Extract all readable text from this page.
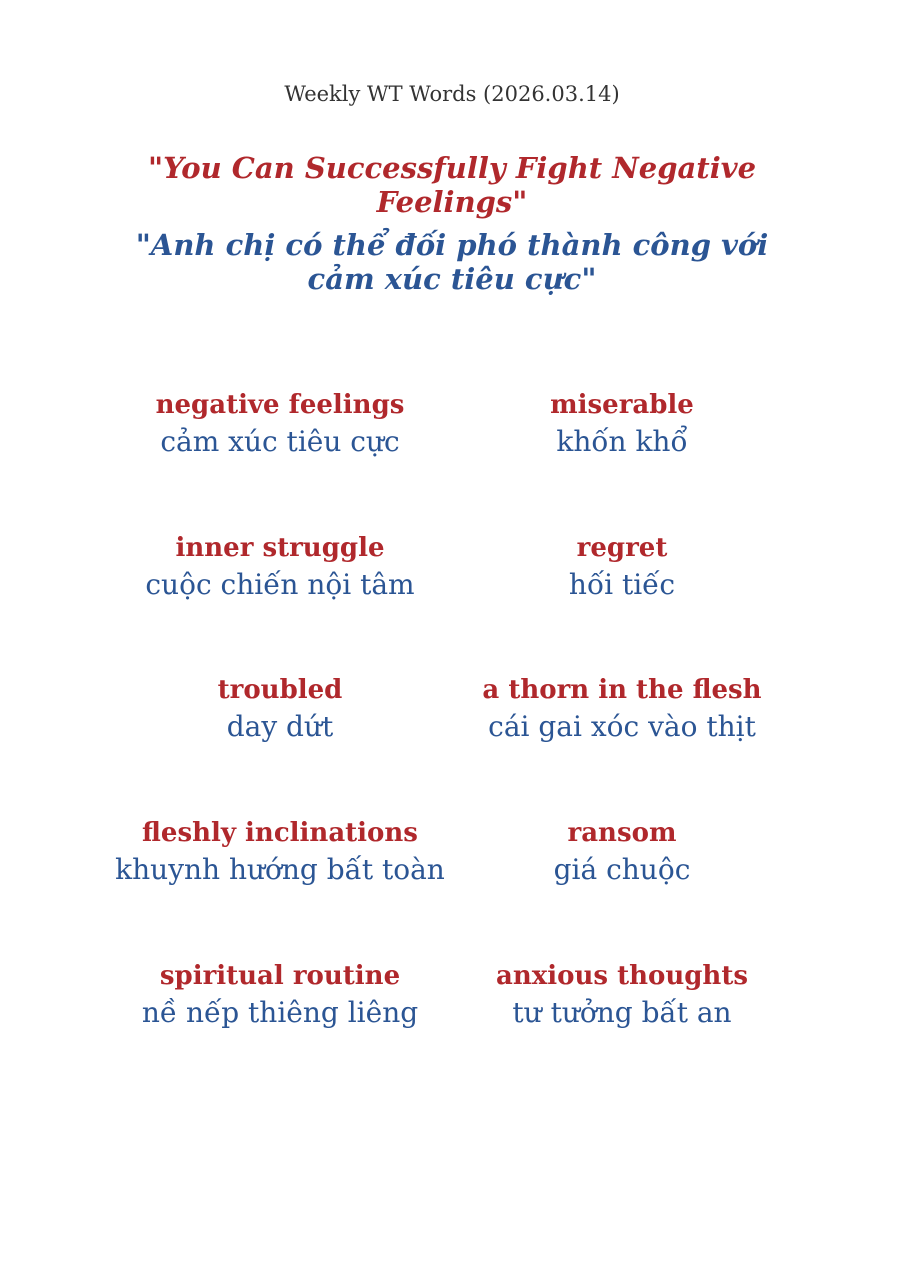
Weekly WT Words (2026.03.14)
"You Can Successfully Fight Negative Feelings"
"Anh chị có thể đối phó thành công với cảm xúc tiêu cực"
negative feelings
cảm xúc tiêu cực
miserable
khốn khổ
inner struggle
cuộc chiến nội tâm
regret
hối tiếc
troubled
day dứt
a thorn in the flesh
cái gai xóc vào thịt
fleshly inclinations
khuynh hướng bất toàn
ransom
giá chuộc
spiritual routine
nề nếp thiêng liêng
anxious thoughts
tư tưởng bất an
